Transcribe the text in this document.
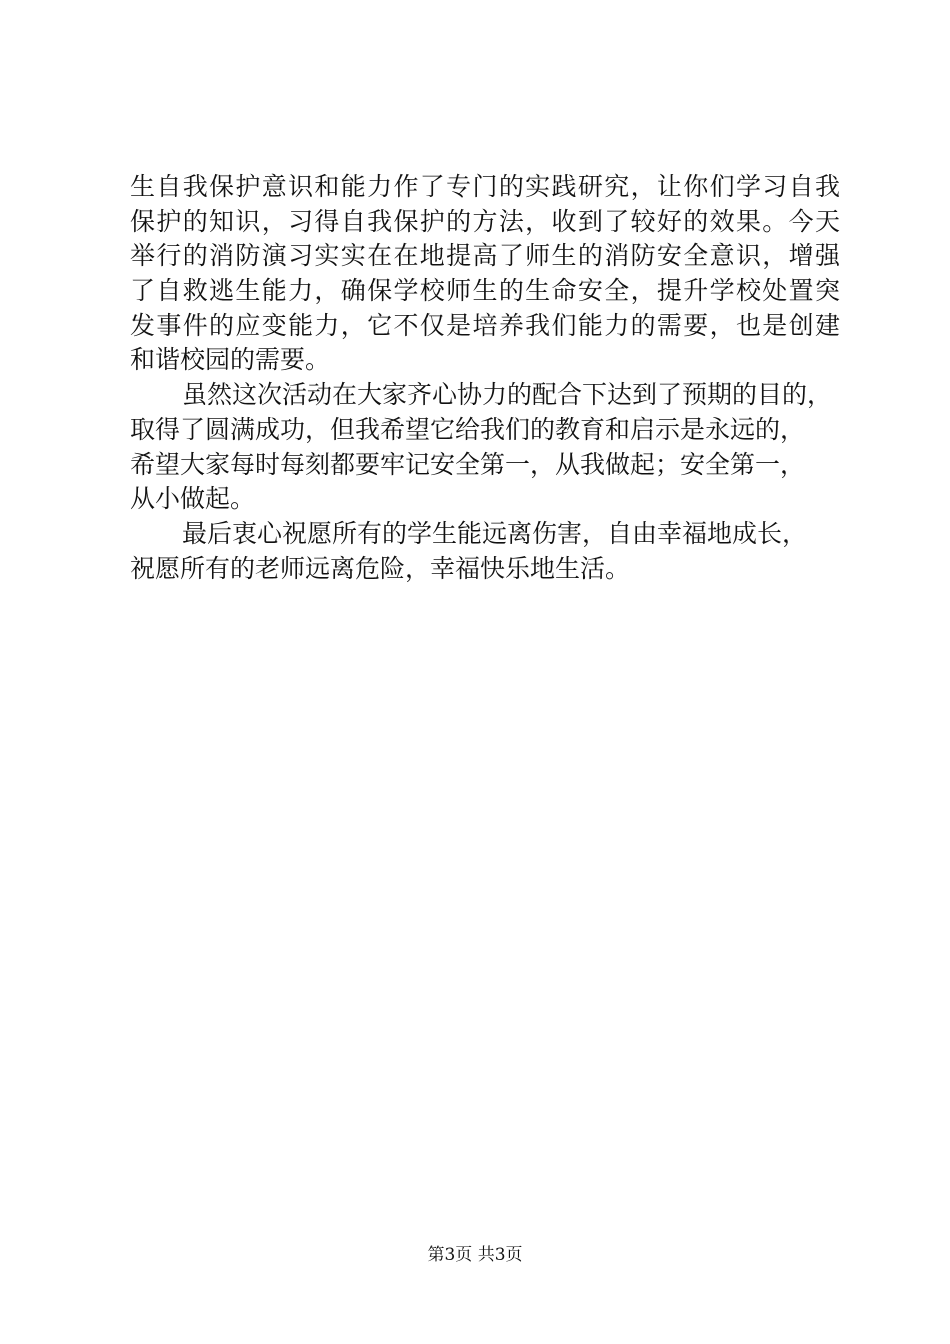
生自我保护意识和能力作了专门的实践研究，让你们学习自我
保护的知识，习得自我保护的方法，收到了较好的效果。今天
举行的消防演习实实在在地提高了师生的消防安全意识，增强
了自救逃生能力，确保学校师生的生命安全，提升学校处置突
发事件的应变能力，它不仅是培养我们能力的需要，也是创建
和谐校园的需要。
虽然这次活动在大家齐心协力的配合下达到了预期的目的，
取得了圆满成功，但我希望它给我们的教育和启示是永远的，
希望大家每时每刻都要牢记安全第一，从我做起；安全第一，
从小做起。
最后衷心祝愿所有的学生能远离伤害，自由幸福地成长，
祝愿所有的老师远离危险，幸福快乐地生活。
第3页 共3页
